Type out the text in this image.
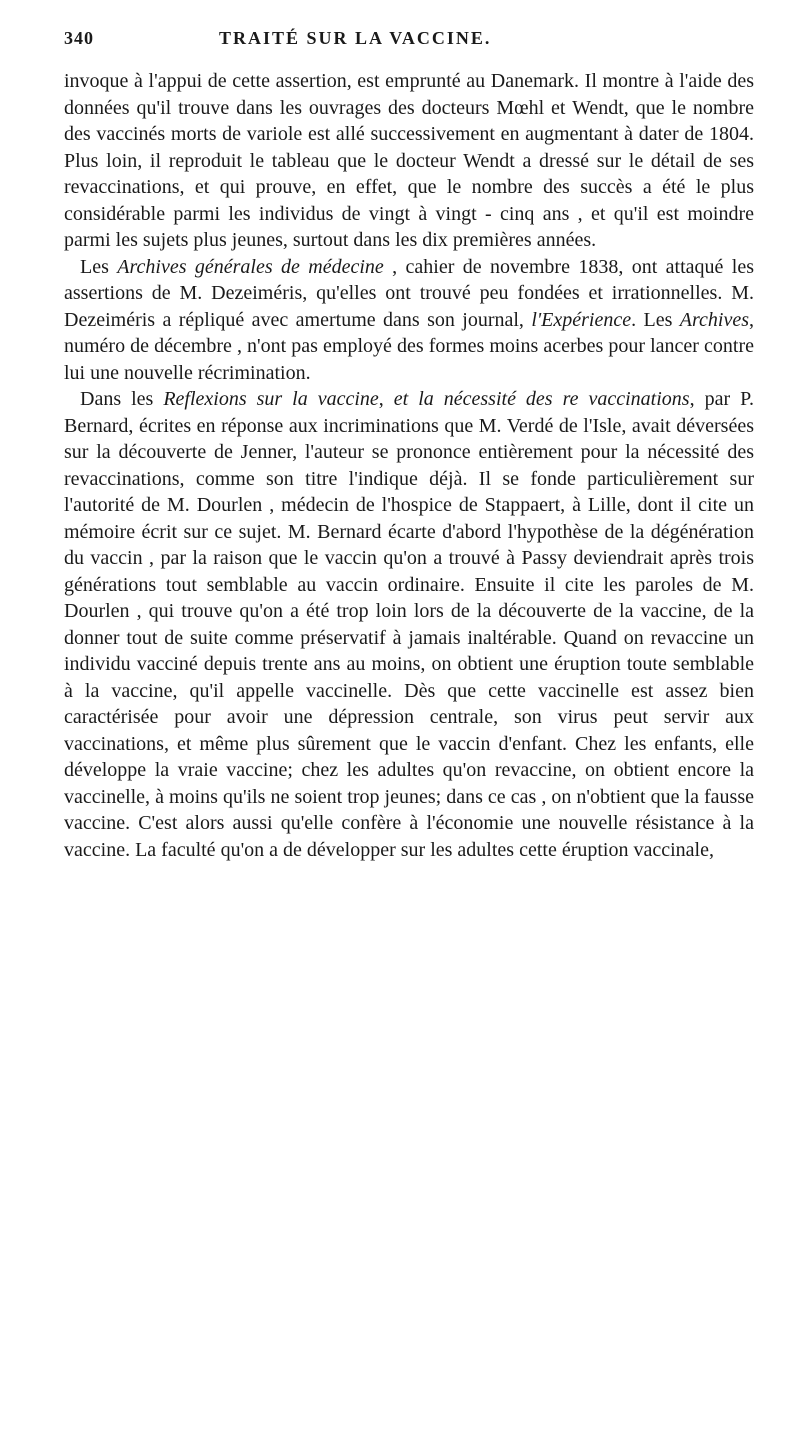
340	TRAITÉ SUR LA VACCINE.

invoque à l'appui de cette assertion, est emprunté au Danemark. Il montre à l'aide des données qu'il trouve dans les ouvrages des docteurs Mœhl et Wendt, que le nombre des vaccinés morts de variole est allé successivement en augmentant à dater de 1804. Plus loin, il reproduit le tableau que le docteur Wendt a dressé sur le détail de ses revaccinations, et qui prouve, en effet, que le nombre des succès a été le plus considérable parmi les individus de vingt à vingt - cinq ans , et qu'il est moindre parmi les sujets plus jeunes, surtout dans les dix premières années.

Les Archives générales de médecine , cahier de novembre 1838, ont attaqué les assertions de M. Dezeiméris, qu'elles ont trouvé peu fondées et irrationnelles. M. Dezeiméris a répliqué avec amertume dans son journal, l'Expérience. Les Archives, numéro de décembre , n'ont pas employé des formes moins acerbes pour lancer contre lui une nouvelle récrimination.

Dans les Reflexions sur la vaccine, et la nécessité des re vaccinations, par P. Bernard, écrites en réponse aux incriminations que M. Verdé de l'Isle, avait déversées sur la découverte de Jenner, l'auteur se prononce entièrement pour la nécessité des revaccinations, comme son titre l'indique déjà. Il se fonde particulièrement sur l'autorité de M. Dourlen , médecin de l'hospice de Stappaert, à Lille, dont il cite un mémoire écrit sur ce sujet. M. Bernard écarte d'abord l'hypothèse de la dégénération du vaccin , par la raison que le vaccin qu'on a trouvé à Passy deviendrait après trois générations tout semblable au vaccin ordinaire. Ensuite il cite les paroles de M. Dourlen , qui trouve qu'on a été trop loin lors de la découverte de la vaccine, de la donner tout de suite comme préservatif à jamais inaltérable. Quand on revaccine un individu vacciné depuis trente ans au moins, on obtient une éruption toute semblable à la vaccine, qu'il appelle vaccinelle. Dès que cette vaccinelle est assez bien caractérisée pour avoir une dépression centrale, son virus peut servir aux vaccinations, et même plus sûrement que le vaccin d'enfant. Chez les enfants, elle développe la vraie vaccine; chez les adultes qu'on revaccine, on obtient encore la vaccinelle, à moins qu'ils ne soient trop jeunes; dans ce cas , on n'obtient que la fausse vaccine. C'est alors aussi qu'elle confère à l'économie une nouvelle résistance à la vaccine. La faculté qu'on a de développer sur les adultes cette éruption vaccinale,
